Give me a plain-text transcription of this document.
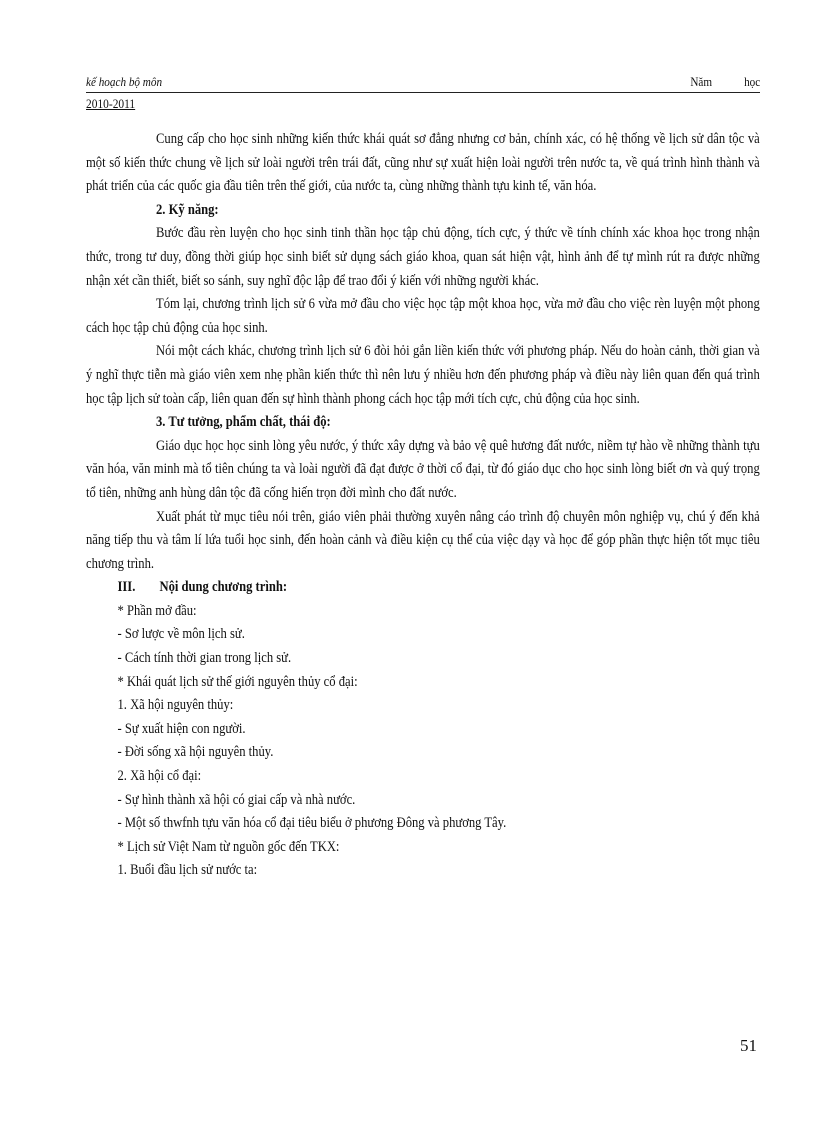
kế hoạch bộ môn	Năm học
2010-2011

Cung cấp cho học sinh những kiến thức khái quát sơ đẳng nhưng cơ bản, chính xác, có hệ thống về lịch sử dân tộc và một số kiến thức chung về lịch sử loài người trên trái đất, cũng như sự xuất hiện loài người trên nước ta, về quá trình hình thành và phát triển của các quốc gia đầu tiên trên thế giới, của nước ta, cùng những thành tựu kinh tế, văn hóa.

2. Kỹ năng:

Bước đầu rèn luyện cho học sinh tinh thần học tập chủ động, tích cực, ý thức về tính chính xác khoa học trong nhận thức, trong tư duy, đồng thời giúp học sinh biết sử dụng sách giáo khoa, quan sát hiện vật, hình ảnh để tự mình rút ra được những nhận xét cần thiết, biết so sánh, suy nghĩ độc lập để trao đổi ý kiến với những người khác.

Tóm lại, chương trình lịch sử 6 vừa mở đầu cho việc học tập một khoa học, vừa mở đầu cho việc rèn luyện một phong cách học tập chủ động của học sinh.

Nói một cách khác, chương trình lịch sử 6 đòi hỏi gắn liền kiến thức với phương pháp. Nếu do hoàn cảnh, thời gian và ý nghĩ thực tiễn mà giáo viên xem nhẹ phần kiến thức thì nên lưu ý nhiều hơn đến phương pháp và điều này liên quan đến quá trình học tập lịch sử toàn cấp, liên quan đến sự hình thành phong cách học tập mới tích cực, chủ động của học sinh.

3. Tư tưởng, phẩm chất, thái độ:

Giáo dục học học sinh lòng yêu nước, ý thức xây dựng và bảo vệ quê hương đất nước, niềm tự hào về những thành tựu văn hóa, văn minh mà tổ tiên chúng ta và loài người đã đạt được ở thời cổ đại, từ đó giáo dục cho học sinh lòng biết ơn và quý trọng tổ tiên, những anh hùng dân tộc đã cống hiến trọn đời mình cho đất nước.

Xuất phát từ mục tiêu nói trên, giáo viên phải thường xuyên nâng cáo trình độ chuyên môn nghiệp vụ, chú ý đến khả năng tiếp thu và tâm lí lứa tuổi học sinh, đến hoàn cảnh và điều kiện cụ thể của việc dạy và học để góp phần thực hiện tốt mục tiêu chương trình.

III. Nội dung chương trình:

* Phần mở đầu:

- Sơ lược về môn lịch sử.

- Cách tính thời gian trong lịch sử.

* Khái quát lịch sử thế giới nguyên thủy cổ đại:

1. Xã hội nguyên thủy:

- Sự xuất hiện con người.

- Đời sống xã hội nguyên thủy.

2. Xã hội cổ đại:

- Sự hình thành xã hội có giai cấp và nhà nước.

- Một số thwfnh tựu văn hóa cổ đại tiêu biểu ở phương Đông và phương Tây.

* Lịch sử Việt Nam từ nguồn gốc đến TKX:

1. Buổi đầu lịch sử nước ta:

51
